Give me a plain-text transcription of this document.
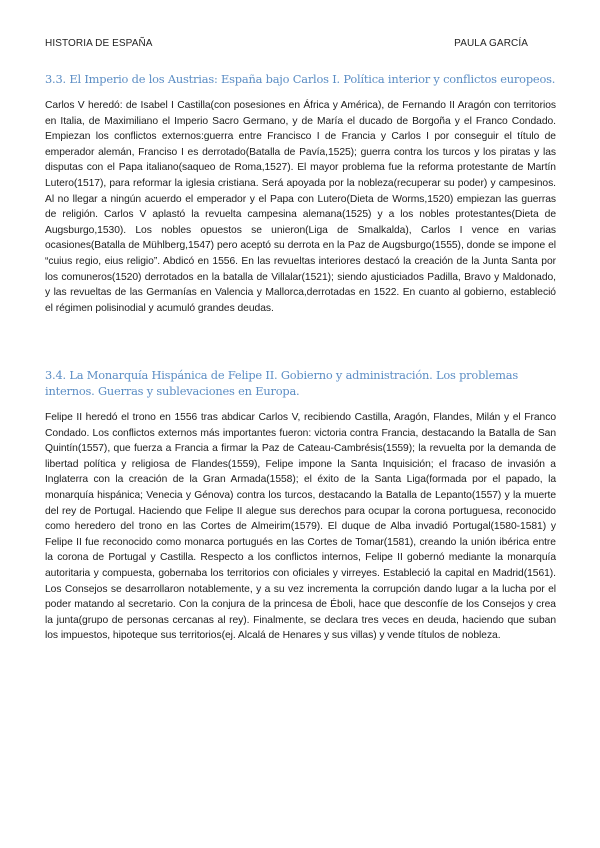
HISTORIA DE ESPAÑA	PAULA GARCÍA
3.3. El Imperio de los Austrias: España bajo Carlos I. Política interior y conflictos europeos.

Carlos V heredó: de Isabel I Castilla(con posesiones en África y América), de Fernando II Aragón con territorios en Italia, de Maximiliano el Imperio Sacro Germano, y de María el ducado de Borgoña y el Franco Condado. Empiezan los conflictos externos:guerra entre Francisco I de Francia y Carlos I por conseguir el título de emperador alemán, Franciso I es derrotado(Batalla de Pavía,1525); guerra contra los turcos y los piratas y las disputas con el Papa italiano(saqueo de Roma,1527). El mayor problema fue la reforma protestante de Martín Lutero(1517), para reformar la iglesia cristiana. Será apoyada por la nobleza(recuperar su poder) y campesinos. Al no llegar a ningún acuerdo el emperador y el Papa con Lutero(Dieta de Worms,1520) empiezan las guerras de religión. Carlos V aplastó la revuelta campesina alemana(1525) y a los nobles protestantes(Dieta de Augsburgo,1530). Los nobles opuestos se unieron(Liga de Smalkalda), Carlos I vence en varias ocasiones(Batalla de Mühlberg,1547) pero aceptó su derrota en la Paz de Augsburgo(1555), donde se impone el “cuius regio, eius religio”. Abdicó en 1556. En las revueltas interiores destacó la creación de la Junta Santa por los comuneros(1520) derrotados en la batalla de Villalar(1521); siendo ajusticiados Padilla, Bravo y Maldonado, y las revueltas de las Germanías en Valencia y Mallorca,derrotadas en 1522. En cuanto al gobierno, estableció el régimen polisinodial y acumuló grandes deudas.

3.4. La Monarquía Hispánica de Felipe II. Gobierno y administración. Los problemas internos. Guerras y sublevaciones en Europa.

Felipe II heredó el trono en 1556 tras abdicar Carlos V, recibiendo Castilla, Aragón, Flandes, Milán y el Franco Condado. Los conflictos externos más importantes fueron: victoria contra Francia, destacando la Batalla de San Quintín(1557), que fuerza a Francia a firmar la Paz de Cateau-Cambrésis(1559); la revuelta por la demanda de libertad política y religiosa de Flandes(1559), Felipe impone la Santa Inquisición; el fracaso de invasión a Inglaterra con la creación de la Gran Armada(1558); el éxito de la Santa Liga(formada por el papado, la monarquía hispánica; Venecia y Génova) contra los turcos, destacando la Batalla de Lepanto(1557) y la muerte del rey de Portugal. Haciendo que Felipe II alegue sus derechos para ocupar la corona portuguesa, reconocido como heredero del trono en las Cortes de Almeirim(1579). El duque de Alba invadió Portugal(1580-1581) y Felipe II fue reconocido como monarca portugués en las Cortes de Tomar(1581), creando la unión ibérica entre la corona de Portugal y Castilla. Respecto a los conflictos internos, Felipe II gobernó mediante la monarquía autoritaria y compuesta, gobernaba los territorios con oficiales y virreyes. Estableció la capital en Madrid(1561). Los Consejos se desarrollaron notablemente, y a su vez incrementa la corrupción dando lugar a la lucha por el poder matando al secretario. Con la conjura de la princesa de Éboli, hace que desconfíe de los Consejos y crea la junta(grupo de personas cercanas al rey). Finalmente, se declara tres veces en deuda, haciendo que suban los impuestos, hipoteque sus territorios(ej. Alcalá de Henares y sus villas) y vende títulos de nobleza.
